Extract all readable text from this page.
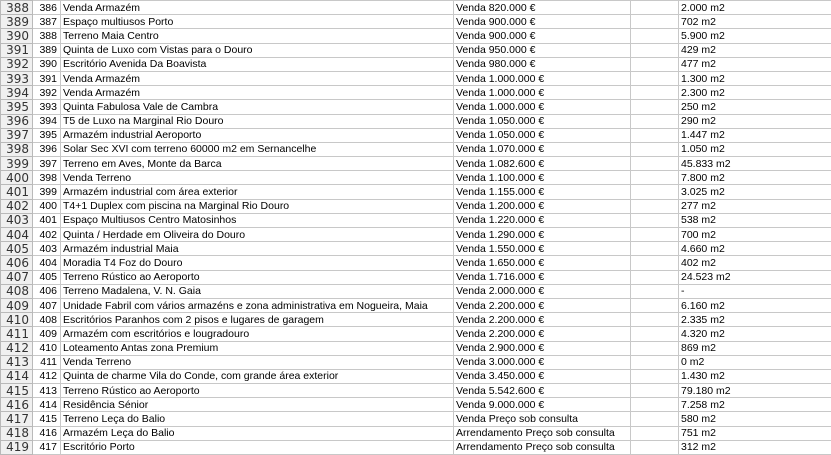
388	386	Venda Armazém	Venda 820.000 €		2.000 m2
389	387	Espaço multiusos Porto	Venda 900.000 €		702 m2
390	388	Terreno Maia Centro	Venda 900.000 €		5.900 m2
391	389	Quinta de Luxo com Vistas para o Douro	Venda 950.000 €		429 m2
392	390	Escritório Avenida Da Boavista	Venda 980.000 €		477 m2
393	391	Venda Armazém	Venda 1.000.000 €		1.300 m2
394	392	Venda Armazém	Venda 1.000.000 €		2.300 m2
395	393	Quinta Fabulosa Vale de Cambra	Venda 1.000.000 €		250 m2
396	394	T5 de Luxo na Marginal Rio Douro	Venda 1.050.000 €		290 m2
397	395	Armazém industrial Aeroporto	Venda 1.050.000 €		1.447 m2
398	396	Solar Sec XVI com terreno 60000 m2 em Sernancelhe	Venda 1.070.000 €		1.050 m2
399	397	Terreno em Aves, Monte da Barca	Venda 1.082.600 €		45.833 m2
400	398	Venda Terreno	Venda 1.100.000 €		7.800 m2
401	399	Armazém industrial com área exterior	Venda 1.155.000 €		3.025 m2
402	400	T4+1 Duplex com piscina na Marginal Rio Douro	Venda 1.200.000 €		277 m2
403	401	Espaço Multiusos Centro Matosinhos	Venda 1.220.000 €		538 m2
404	402	Quinta / Herdade em Oliveira do Douro	Venda 1.290.000 €		700 m2
405	403	Armazém industrial Maia	Venda 1.550.000 €		4.660 m2
406	404	Moradia T4 Foz do Douro	Venda 1.650.000 €		402 m2
407	405	Terreno Rústico ao Aeroporto	Venda 1.716.000 €		24.523 m2
408	406	Terreno Madalena, V. N. Gaia	Venda 2.000.000 €		-
409	407	Unidade Fabril com vários armazéns e zona administrativa em Nogueira, Maia	Venda 2.200.000 €		6.160 m2
410	408	Escritórios Paranhos com 2 pisos e lugares de garagem	Venda 2.200.000 €		2.335 m2
411	409	Armazém com escritórios e lougradouro	Venda 2.200.000 €		4.320 m2
412	410	Loteamento Antas zona Premium	Venda 2.900.000 €		869 m2
413	411	Venda Terreno	Venda 3.000.000 €		0 m2
414	412	Quinta de charme Vila do Conde, com grande área exterior	Venda 3.450.000 €		1.430 m2
415	413	Terreno Rústico ao Aeroporto	Venda 5.542.600 €		79.180 m2
416	414	Residência Sénior	Venda 9.000.000 €		7.258 m2
417	415	Terreno Leça do Balio	Venda Preço sob consulta		580 m2
418	416	Armazém Leça do Balio	Arrendamento Preço sob consulta		751 m2
419	417	Escritório Porto	Arrendamento Preço sob consulta		312 m2
